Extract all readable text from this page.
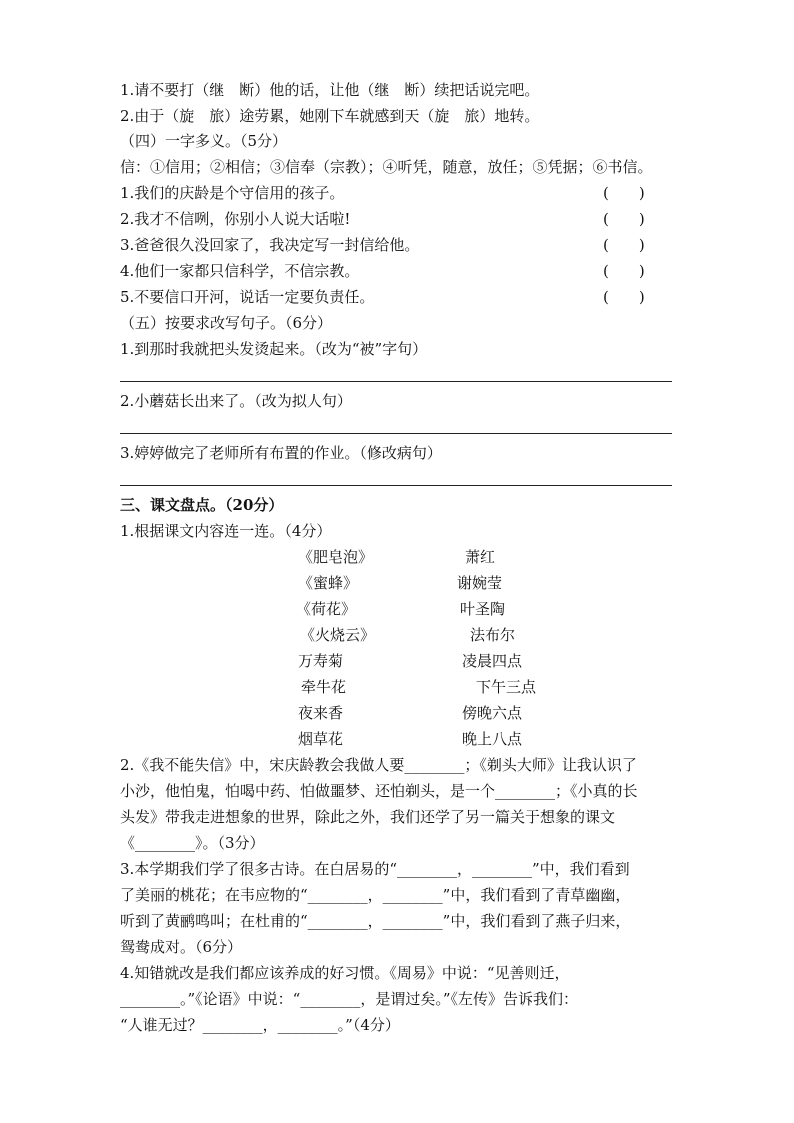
1.请不要打（继　断）他的话，让他（继　断）续把话说完吧。
2.由于（旋　旅）途劳累，她刚下车就感到天（旋　旅）地转。
（四）一字多义。（5分）
信：①信用；②相信；③信奉（宗教）；④听凭，随意，放任；⑤凭据；⑥书信。
1.我们的庆龄是个守信用的孩子。	(　　)
2.我才不信咧，你别小人说大话啦!	(　　)
3.爸爸很久没回家了，我决定写一封信给他。	(　　)
4.他们一家都只信科学，不信宗教。	(　　)
5.不要信口开河，说话一定要负责任。	(　　)
（五）按要求改写句子。（6分）
1.到那时我就把头发烫起来。（改为“被”字句）
2.小蘑菇长出来了。（改为拟人句）
3.婷婷做完了老师所有布置的作业。（修改病句）
三、课文盘点。（20分）
1.根据课文内容连一连。（4分）
《肥皂泡》	萧红
《蜜蜂》	谢婉莹
《荷花》	叶圣陶
《火烧云》	法布尔
万寿菊	凌晨四点
牵牛花	下午三点
夜来香	傍晚六点
烟草花	晚上八点
2.《我不能失信》中，宋庆龄教会我做人要________；《剃头大师》让我认识了
小沙，他怕鬼，怕喝中药、怕做噩梦、还怕剃头，是一个________；《小真的长
头发》带我走进想象的世界，除此之外，我们还学了另一篇关于想象的课文
《________》。（3分）
3.本学期我们学了很多古诗。在白居易的“________，________”中，我们看到
了美丽的桃花；在韦应物的“________，________”中，我们看到了青草幽幽，
听到了黄鹂鸣叫；在杜甫的“________，________”中，我们看到了燕子归来，
鸳鸯成对。（6分）
4.知错就改是我们都应该养成的好习惯。《周易》中说：“见善则迁，
________。”《论语》中说：“________，是谓过矣。”《左传》告诉我们：
“人谁无过？________，________。”（4分）
